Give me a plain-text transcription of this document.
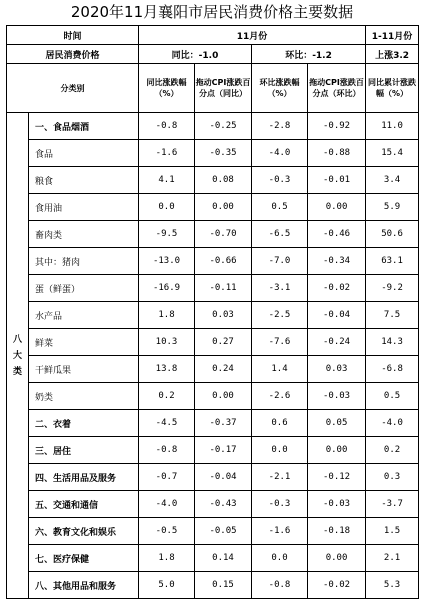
2020年11月襄阳市居民消费价格主要数据
时间		11月份				1-11月份
居民消费价格		同比：-1.0		环比：-1.2		上涨3.2
分类别		同比涨跌幅（%）	拖动CPI涨跌百分点（同比）	环比涨跌幅（%）	拖动CPI涨跌百分点（环比）	同比累计涨跌幅（%）
八大类	一、食品烟酒	-0.8	-0.25	-2.8	-0.92	11.0
	食品	-1.6	-0.35	-4.0	-0.88	15.4
	粮食	4.1	0.08	-0.3	-0.01	3.4
	食用油	0.0	0.00	0.5	0.00	5.9
	畜肉类	-9.5	-0.70	-6.5	-0.46	50.6
	其中：猪肉	-13.0	-0.66	-7.0	-0.34	63.1
	蛋（鲜蛋）	-16.9	-0.11	-3.1	-0.02	-9.2
	水产品	1.8	0.03	-2.5	-0.04	7.5
	鲜菜	10.3	0.27	-7.6	-0.24	14.3
	干鲜瓜果	13.8	0.24	1.4	0.03	-6.8
	奶类	0.2	0.00	-2.6	-0.03	0.5
	二、衣着	-4.5	-0.37	0.6	0.05	-4.0
	三、居住	-0.8	-0.17	0.0	0.00	0.2
	四、生活用品及服务	-0.7	-0.04	-2.1	-0.12	0.3
	五、交通和通信	-4.0	-0.43	-0.3	-0.03	-3.7
	六、教育文化和娱乐	-0.5	-0.05	-1.6	-0.18	1.5
	七、医疗保健	1.8	0.14	0.0	0.00	2.1
	八、其他用品和服务	5.0	0.15	-0.8	-0.02	5.3
